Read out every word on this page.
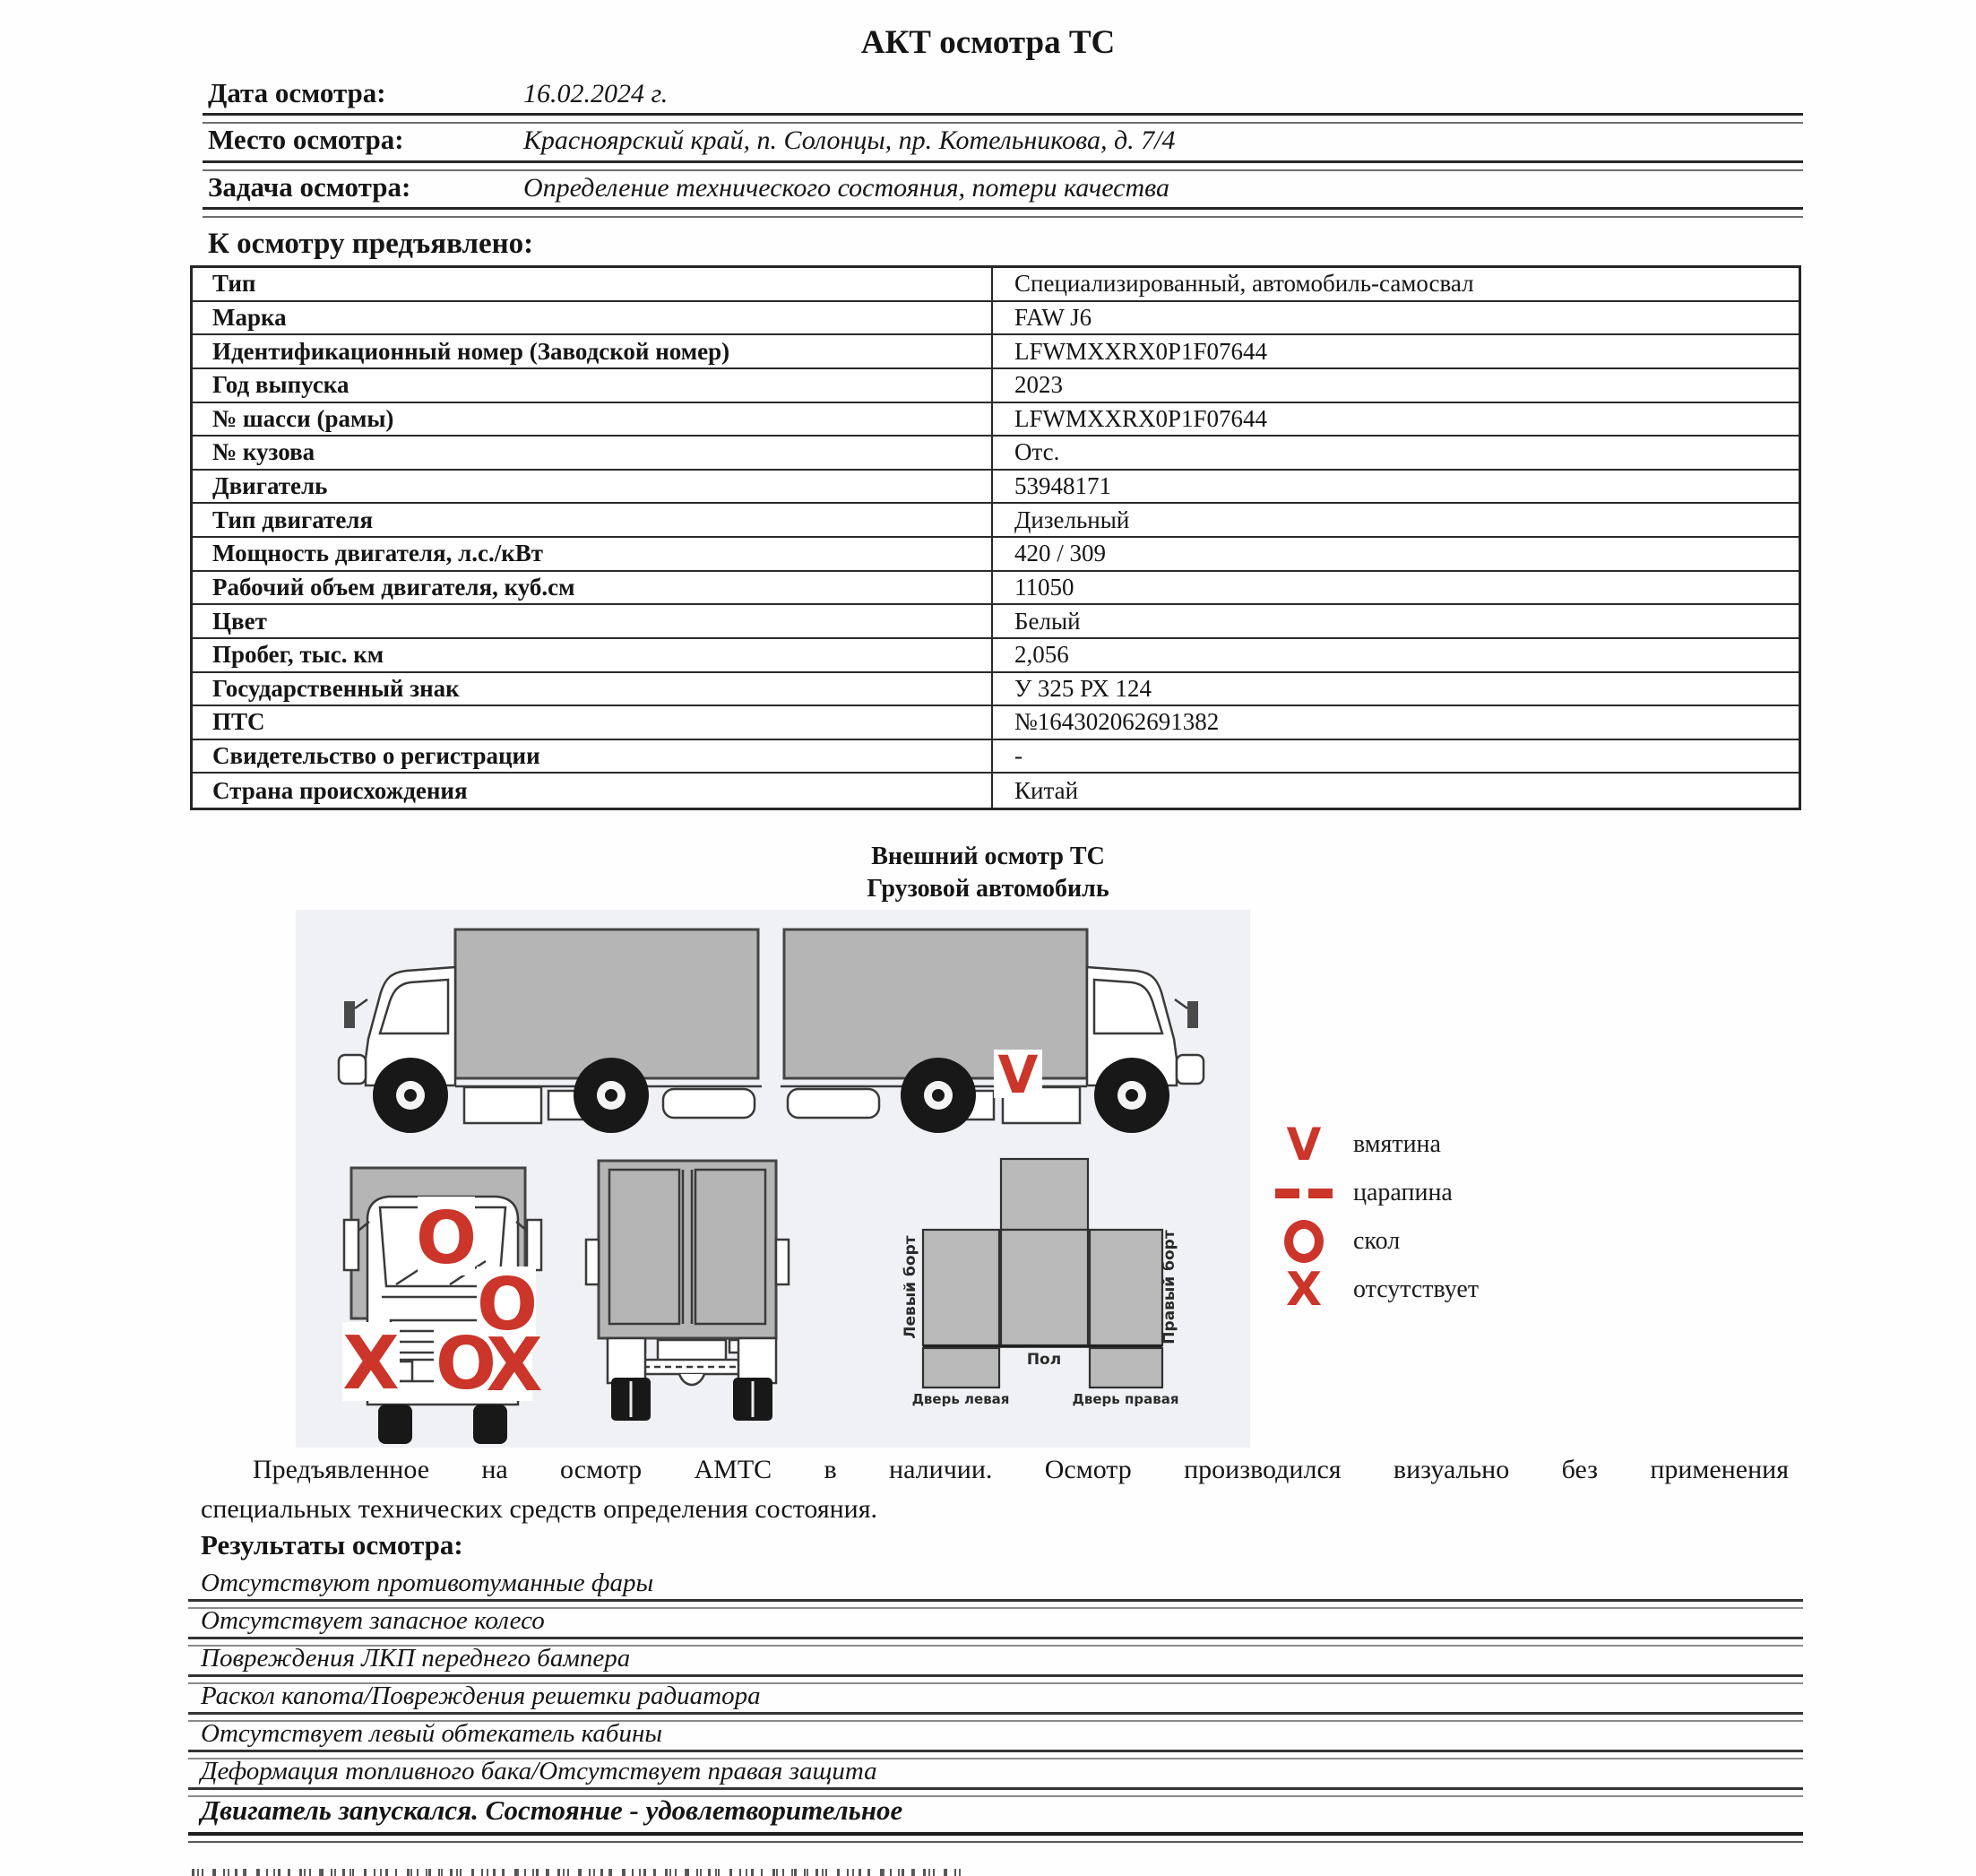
АКТ осмотра ТС
Дата осмотра:	16.02.2024 г.
Место осмотра:	Красноярский край, п. Солонцы, пр. Котельникова, д. 7/4
Задача осмотра:	Определение технического состояния, потери качества
К осмотру предъявлено:
Тип	Специализированный, автомобиль-самосвал
Марка	FAW J6
Идентификационный номер (Заводской номер)	LFWMXXRX0P1F07644
Год выпуска	2023
№ шасси (рамы)	LFWMXXRX0P1F07644
№ кузова	Отс.
Двигатель	53948171
Тип двигателя	Дизельный
Мощность двигателя, л.с./кВт	420 / 309
Рабочий объем двигателя, куб.см	11050
Цвет	Белый
Пробег, тыс. км	2,056
Государственный знак	У 325 РХ 124
ПТС	№164302062691382
Свидетельство о регистрации	-
Страна происхождения	Китай
Внешний осмотр ТС
Грузовой автомобиль
V
O
O
X O
X
Левый борт	Правый борт
Пол
Дверь левая	Дверь правая
V вмятина
царапина
скол
X отсутствует
Предъявленное на осмотр АМТС в наличии. Осмотр производился визуально без применения
специальных технических средств определения состояния.
Результаты осмотра:
Отсутствуют противотуманные фары
Отсутствует запасное колесо
Повреждения ЛКП переднего бампера
Раскол капота/Повреждения решетки радиатора
Отсутствует левый обтекатель кабины
Деформация топливного бака/Отсутствует правая защита
Двигатель запускался. Состояние - удовлетворительное
